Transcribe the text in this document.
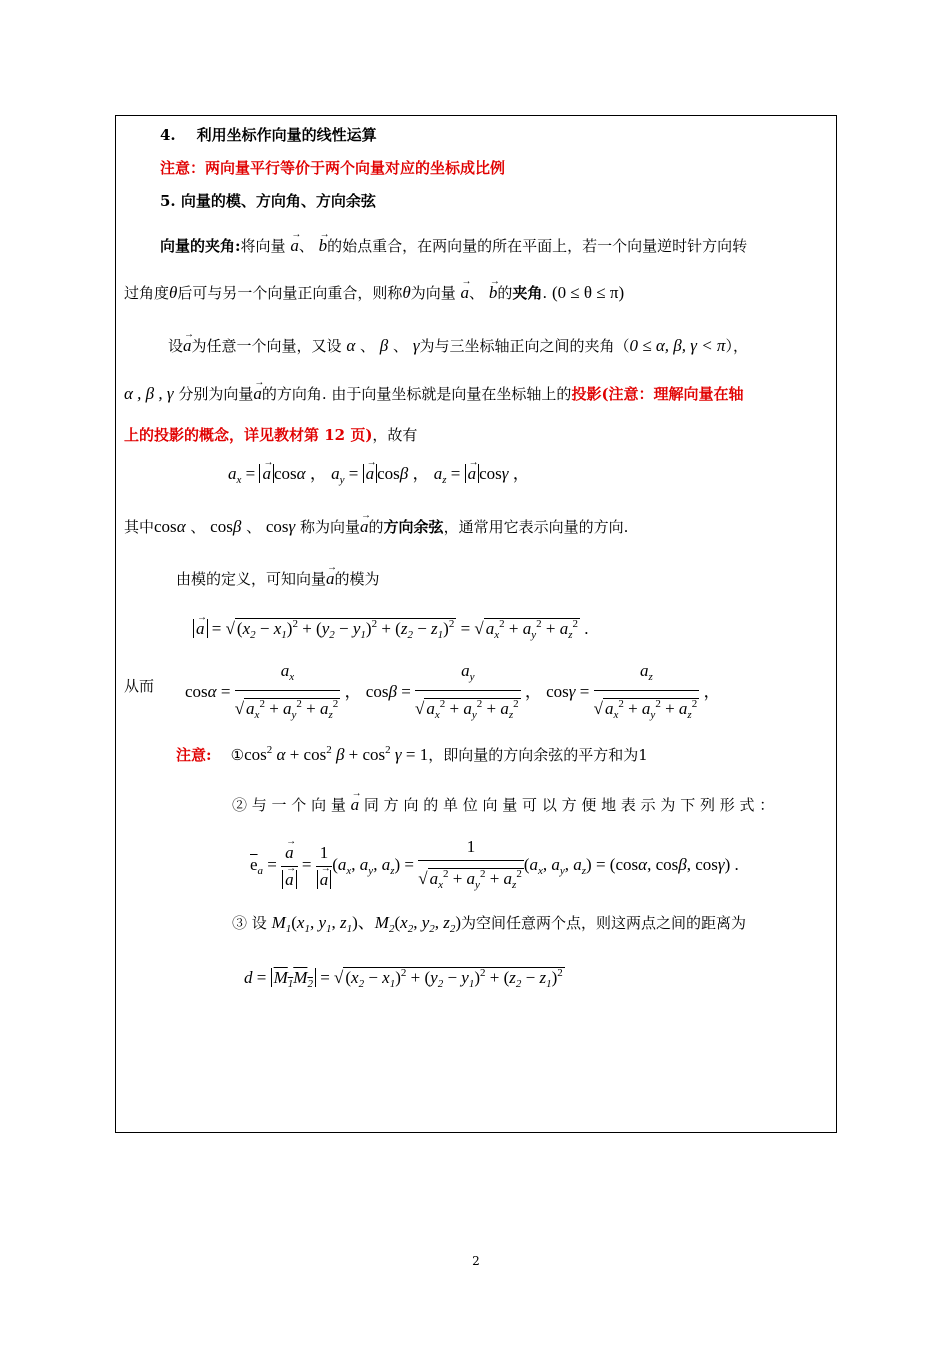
4. 利用坐标作向量的线性运算
注意：两向量平行等价于两个向量对应的坐标成比例
5. 向量的模、方向角、方向余弦
向量的夹角:将向量 → a、 → b的始点重合，在两向量的所在平面上，若一个向量逆时针方向转
过角度θ后可与另一个向量正向重合，则称θ为向量 → a、 → b的夹角. (0 ≤ θ ≤ π)
设→ a为任意一个向量，又设 α 、 β 、 γ为与三坐标轴正向之间的夹角（0 ≤ α, β, γ < π），
α , β , γ 分别为向量→ a的方向角. 由于向量坐标就是向量在坐标轴上的投影(注意：理解向量在轴
上的投影的概念，详见教材第 12 页)，故有
$a_x$ = → a cosα ， $a_y$ = → a cosβ ， $a_z$ = → a cosγ ，
其中cosα 、 cosβ 、 cosγ 称为向量→ a的方向余弦，通常用它表示向量的方向.
由模的定义，可知向量→ a的模为
→ a = √ $(x_2 - x_1)^2 + (y_2 - y_1)^2 + (z_2 - z_1)^2$ = √ $a_x^2 + a_y^2 + a_z^2$ .
从而 $\cos\alpha = \frac{a_x}{√ a_x^2 + a_y^2 + a_z^2}$ ， $\cos\beta = \frac{a_y}{√ a_x^2 + a_y^2 + a_z^2}$ ， $\cos\gamma = \frac{a_z}{√ a_x^2 + a_y^2 + a_z^2}$ ，
注意: $①\cos^2$ $\alpha + \cos^2 \beta + \cos^2 \gamma = 1$，即向量的方向余弦的平方和为1
② 与 一 个 向 量 → a 同 方 向 的 单 位 向 量 可 以 方 便 地 表 示 为 下 列 形 式 ：
$\overline{e}_a$ = → a
→ a = 1
→ a ($a_x$, $a_y$, $a_z) = \frac{1}{√ a_x^2 + a_y^2 + a_z^2} (a_x$, $a_y$, $a_z) = (\cos\alpha$, cosβ, cosγ) .
③ 设 $M_1(x_1$, $y_1$, $z_1$)、$M_2(x_2$, $y_2$, $z_2$)为空间任意两个点，则这两点之间的距离为
$d = M_1M_2$ = √ $(x_2 - x_1)^2 + (y_2 - y_1)^2 + (z_2 - z_1)^2$
2
